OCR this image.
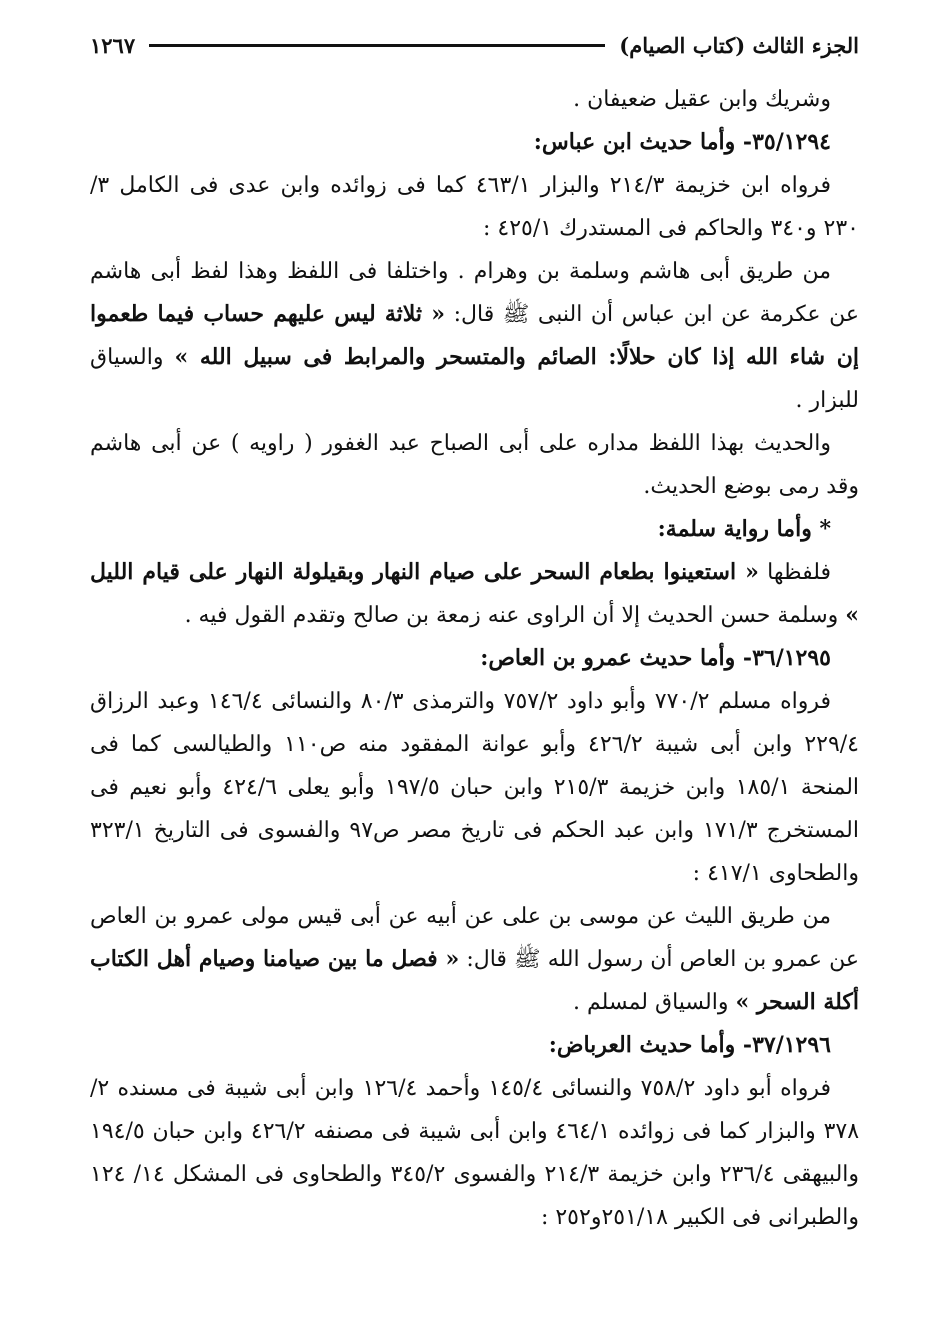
الجزء الثالث (كتاب الصيام)
١٢٦٧

وشريك وابن عقيل ضعيفان .

٣٥/١٢٩٤- وأما حديث ابن عباس:

فرواه ابن خزيمة ٢١٤/٣ والبزار ٤٦٣/١ كما فى زوائده وابن عدى فى الكامل ٣/ ٢٣٠ و٣٤٠ والحاكم فى المستدرك ٤٢٥/١ :

من طريق أبى هاشم وسلمة بن وهرام . واختلفا فى اللفظ وهذا لفظ أبى هاشم عن عكرمة عن ابن عباس أن النبى ﷺ قال: « ثلاثة ليس عليهم حساب فيما طعموا إن شاء الله إذا كان حلالًا: الصائم والمتسحر والمرابط فى سبيل الله » والسياق للبزار .

والحديث بهذا اللفظ مداره على أبى الصباح عبد الغفور ( راويه ) عن أبى هاشم وقد رمى بوضع الحديث.

* وأما رواية سلمة:

فلفظها « استعينوا بطعام السحر على صيام النهار وبقيلولة النهار على قيام الليل » وسلمة حسن الحديث إلا أن الراوى عنه زمعة بن صالح وتقدم القول فيه .

٣٦/١٢٩٥- وأما حديث عمرو بن العاص:

فرواه مسلم ٧٧٠/٢ وأبو داود ٧٥٧/٢ والترمذى ٨٠/٣ والنسائى ١٤٦/٤ وعبد الرزاق ٢٢٩/٤ وابن أبى شيبة ٤٢٦/٢ وأبو عوانة المفقود منه ص١١٠ والطيالسى كما فى المنحة ١٨٥/١ وابن خزيمة ٢١٥/٣ وابن حبان ١٩٧/٥ وأبو يعلى ٤٢٤/٦ وأبو نعيم فى المستخرج ١٧١/٣ وابن عبد الحكم فى تاريخ مصر ص٩٧ والفسوى فى التاريخ ٣٢٣/١ والطحاوى ٤١٧/١ :

من طريق الليث عن موسى بن على عن أبيه عن أبى قيس مولى عمرو بن العاص عن عمرو بن العاص أن رسول الله ﷺ قال: « فصل ما بين صيامنا وصيام أهل الكتاب أكلة السحر » والسياق لمسلم .

٣٧/١٢٩٦- وأما حديث العرباض:

فرواه أبو داود ٧٥٨/٢ والنسائى ١٤٥/٤ وأحمد ١٢٦/٤ وابن أبى شيبة فى مسنده ٢/ ٣٧٨ والبزار كما فى زوائده ٤٦٤/١ وابن أبى شيبة فى مصنفه ٤٢٦/٢ وابن حبان ١٩٤/٥ والبيهقى ٢٣٦/٤ وابن خزيمة ٢١٤/٣ والفسوى ٣٤٥/٢ والطحاوى فى المشكل ١٤/ ١٢٤ والطبرانى فى الكبير ٢٥١/١٨و٢٥٢ :
